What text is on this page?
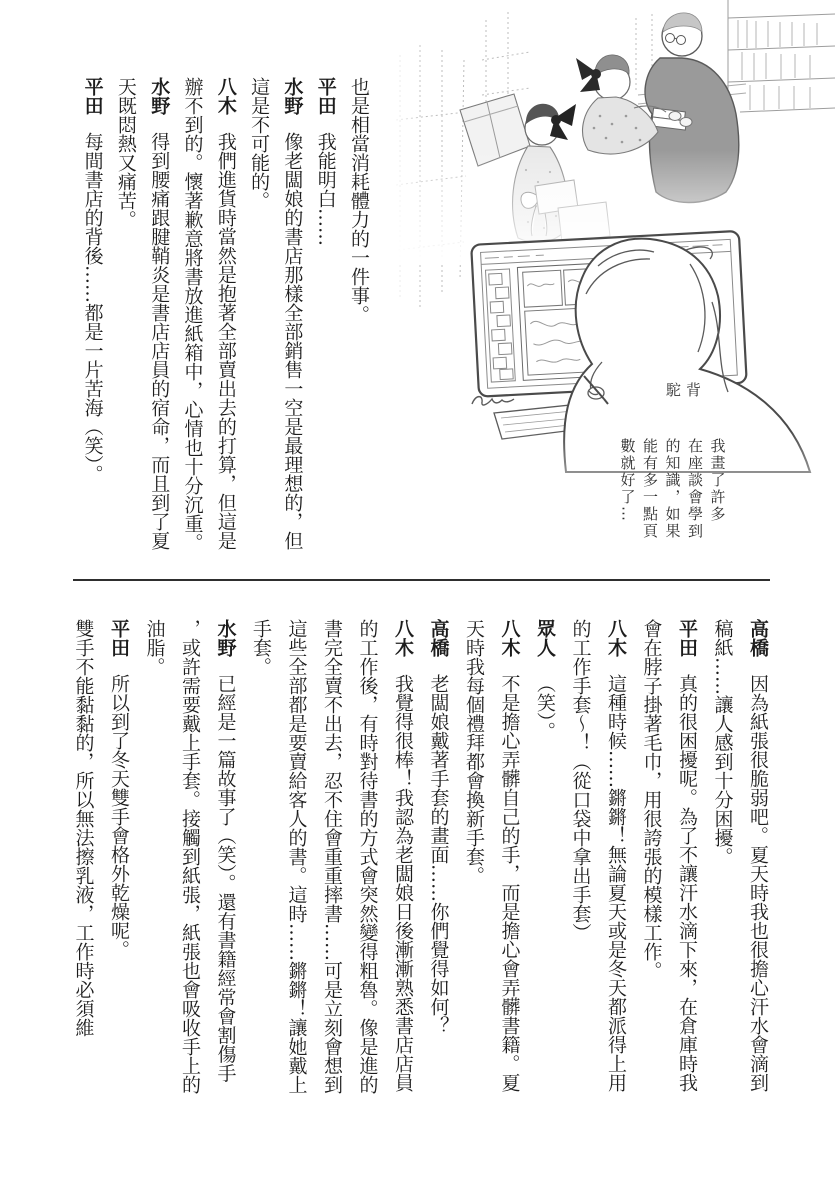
駝背
我畫了許多
在座談會學到
的知識，如果
能有多一點頁
數就好了…
也是相當消耗體力的一件事。
平田我能明白……
水野像老闆娘的書店那樣全部銷售一空是最理想的，但
這是不可能的。
八木我們進貨時當然是抱著全部賣出去的打算，但這是
辦不到的。懷著歉意將書放進紙箱中，心情也十分沉重。
水野得到腰痛跟腱鞘炎是書店店員的宿命，而且到了夏
天既悶熱又痛苦。
平田每間書店的背後……都是一片苦海（笑）。
高橋因為紙張很脆弱吧。夏天時我也很擔心汗水會滴到
稿紙……讓人感到十分困擾。
平田真的很困擾呢。為了不讓汗水滴下來，在倉庫時我
會在脖子掛著毛巾，用很誇張的模樣工作。
八木這種時候……鏘鏘！無論夏天或是冬天都派得上用
的工作手套～！（從口袋中拿出手套）
眾人（笑）。
八木不是擔心弄髒自己的手，而是擔心會弄髒書籍。夏
天時我每個禮拜都會換新手套。
高橋老闆娘戴著手套的畫面……你們覺得如何？
八木我覺得很棒！我認為老闆娘日後漸漸熟悉書店店員
的工作後，有時對待書的方式會突然變得粗魯。像是進的
書完全賣不出去，忍不住會重重摔書……可是立刻會想到
這些全部都是要賣給客人的書。這時……鏘鏘！讓她戴上
手套。
水野已經是一篇故事了（笑）。還有書籍經常會割傷手
，或許需要戴上手套。接觸到紙張，紙張也會吸收手上的
油脂。
平田所以到了冬天雙手會格外乾燥呢。
雙手不能黏黏的，所以無法擦乳液，工作時必須維
